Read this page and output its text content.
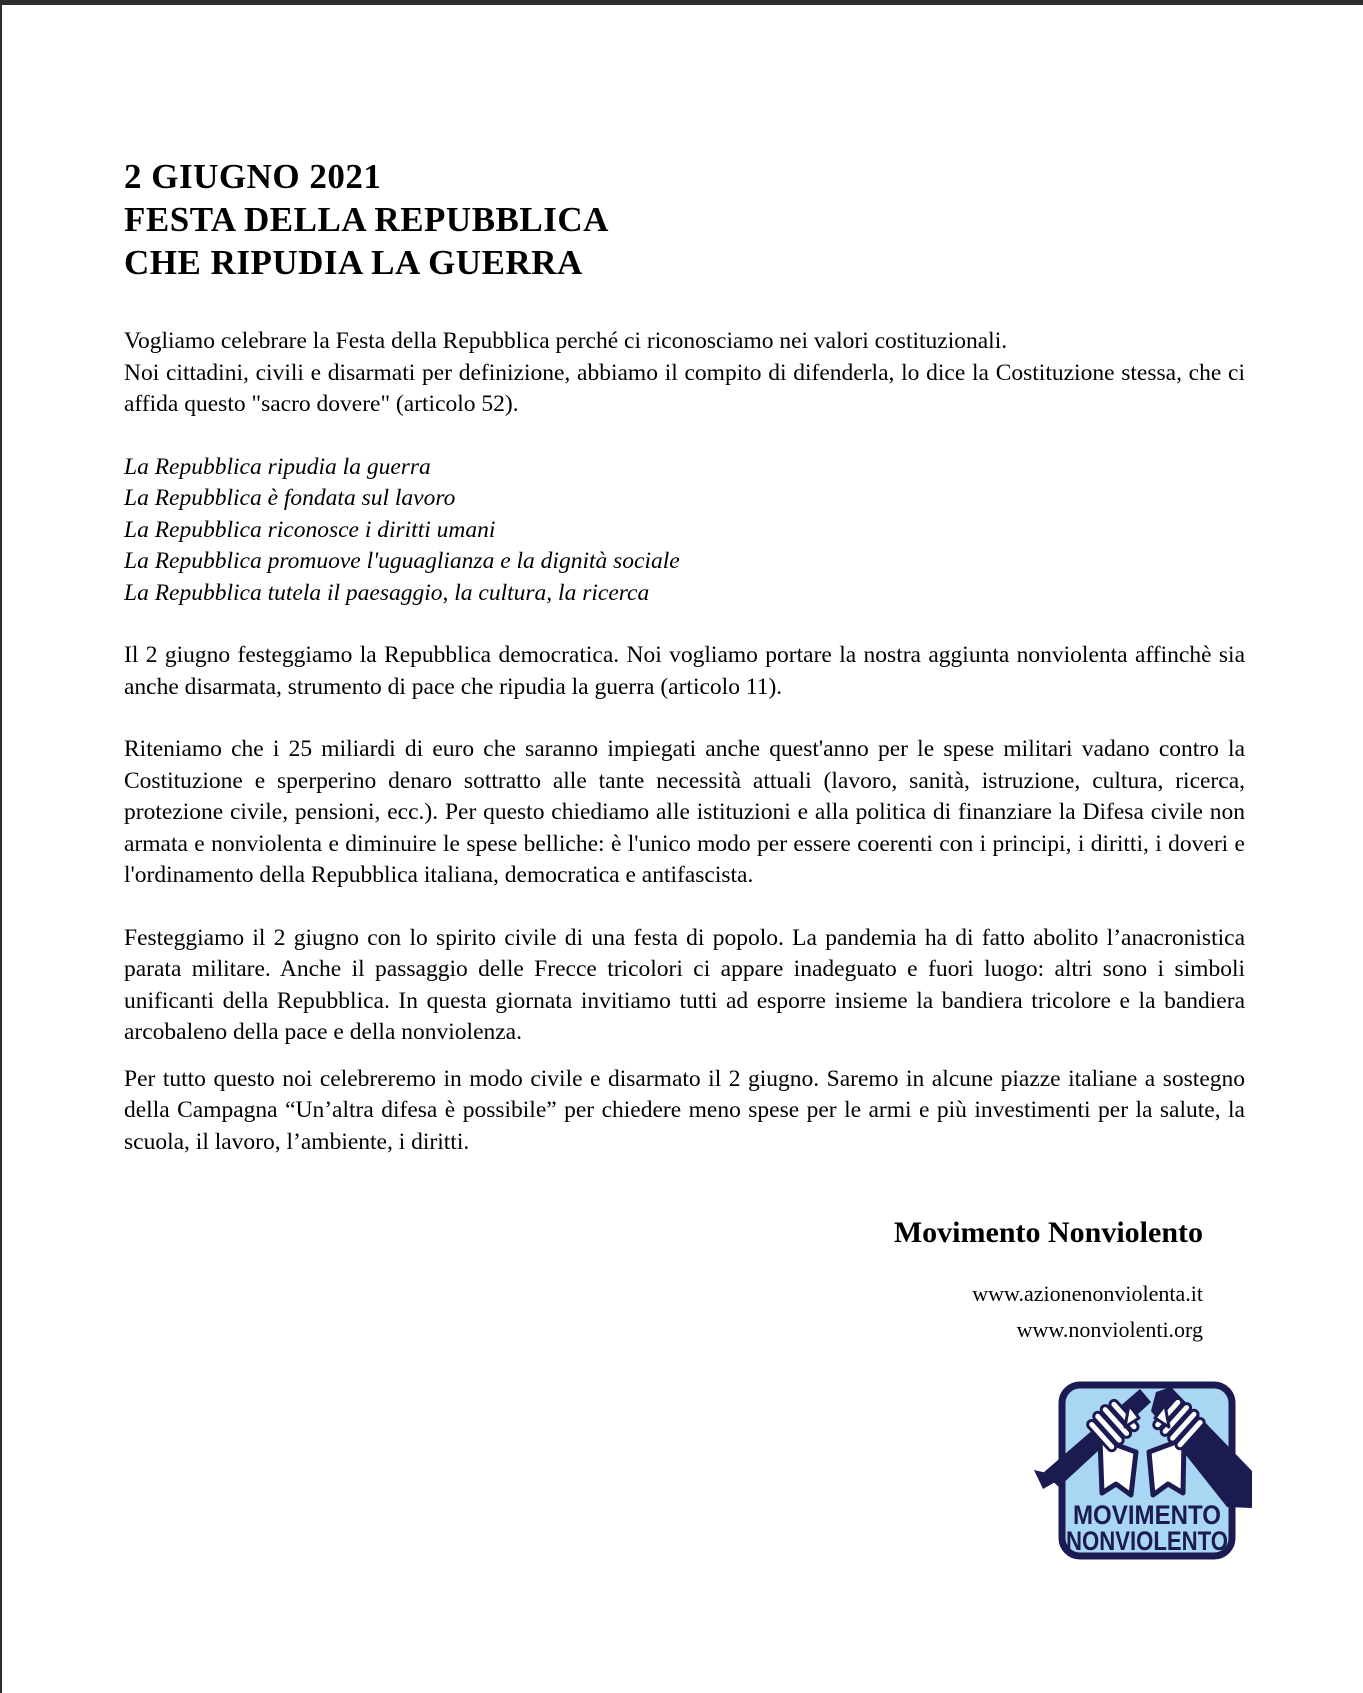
2 GIUGNO 2021
FESTA DELLA REPUBBLICA
CHE RIPUDIA LA GUERRA
Vogliamo celebrare la Festa della Repubblica perché ci riconosciamo nei valori costituzionali.
Noi cittadini, civili e disarmati per definizione, abbiamo il compito di difenderla, lo dice la Costituzione stessa, che ci affida questo "sacro dovere" (articolo 52).
La Repubblica ripudia la guerra
La Repubblica è fondata sul lavoro
La Repubblica riconosce i diritti umani
La Repubblica promuove l'uguaglianza e la dignità sociale
La Repubblica tutela il paesaggio, la cultura, la ricerca
Il 2 giugno festeggiamo la Repubblica democratica. Noi vogliamo portare la nostra aggiunta nonviolenta affinchè sia anche disarmata, strumento di pace che ripudia la guerra (articolo 11).
Riteniamo che i 25 miliardi di euro che saranno impiegati anche quest'anno per le spese militari vadano contro la Costituzione e sperperino denaro sottratto alle tante necessità attuali (lavoro, sanità, istruzione, cultura, ricerca, protezione civile, pensioni, ecc.). Per questo chiediamo alle istituzioni e alla politica di finanziare la Difesa civile non armata e nonviolenta e diminuire le spese belliche: è l'unico modo per essere coerenti con i principi, i diritti, i doveri e l'ordinamento della Repubblica italiana, democratica e antifascista.
Festeggiamo il 2 giugno con lo spirito civile di una festa di popolo. La pandemia ha di fatto abolito l’anacronistica parata militare. Anche il passaggio delle Frecce tricolori ci appare inadeguato e fuori luogo: altri sono i simboli unificanti della Repubblica. In questa giornata invitiamo tutti ad esporre insieme la bandiera tricolore e la bandiera arcobaleno della pace e della nonviolenza.
Per tutto questo noi celebreremo in modo civile e disarmato il 2 giugno. Saremo in alcune piazze italiane a sostegno della Campagna “Un’altra difesa è possibile” per chiedere meno spese per le armi e più investimenti per la salute, la scuola, il lavoro, l’ambiente, i diritti.
Movimento Nonviolento
www.azionenonviolenta.it
www.nonviolenti.org
MOVIMENTO
NONVIOLENTO
